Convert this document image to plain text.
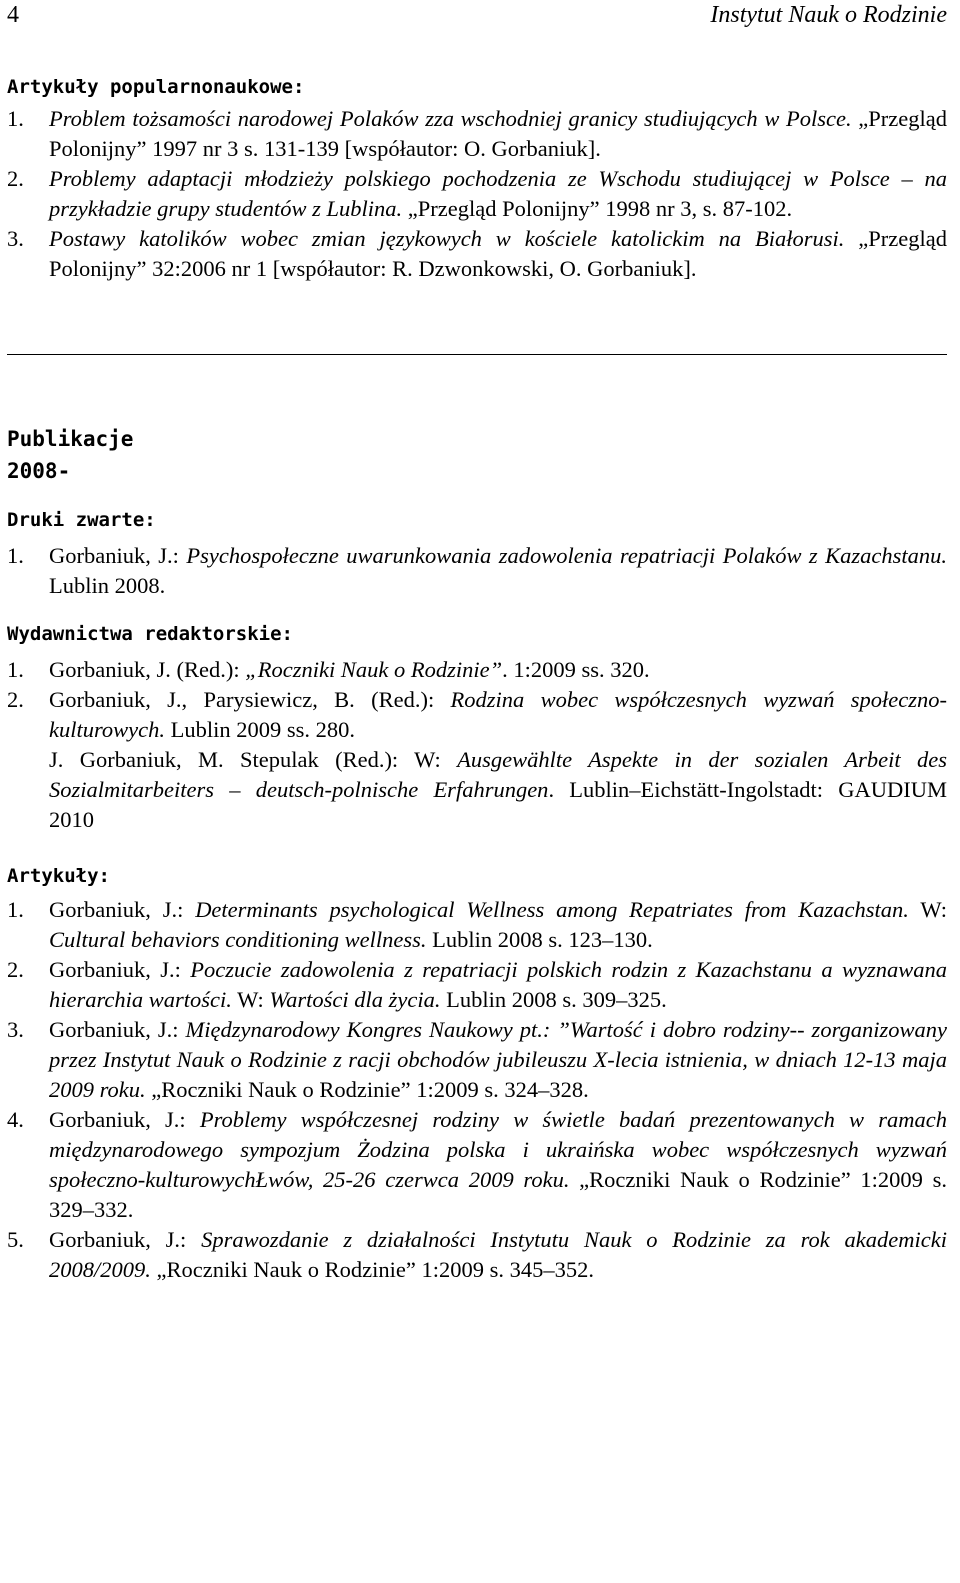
4	Instytut Nauk o Rodzinie
Artykuły popularnonaukowe:
1. Problem tożsamości narodowej Polaków zza wschodniej granicy studiujących w Polsce. „Przegląd Polonijny” 1997 nr 3 s. 131-139 [współautor: O. Gorbaniuk].
2. Problemy adaptacji młodzieży polskiego pochodzenia ze Wschodu studiującej w Polsce – na przykładzie grupy studentów z Lublina. „Przegląd Polonijny” 1998 nr 3, s. 87-102.
3. Postawy katolików wobec zmian językowych w kościele katolickim na Białorusi. „Przegląd Polonijny” 32:2006 nr 1 [współautor: R. Dzwonkowski, O. Gorbaniuk].
Publikacje
2008-
Druki zwarte:
1. Gorbaniuk, J.: Psychospołeczne uwarunkowania zadowolenia repatriacji Polaków z Kazachstanu. Lublin 2008.
Wydawnictwa redaktorskie:
1. Gorbaniuk, J. (Red.): „Roczniki Nauk o Rodzinie”. 1:2009 ss. 320.
2. Gorbaniuk, J., Parysiewicz, B. (Red.): Rodzina wobec współczesnych wyzwań społeczno-kulturowych. Lublin 2009 ss. 280.
J. Gorbaniuk, M. Stepulak (Red.): W: Ausgewählte Aspekte in der sozialen Arbeit des Sozialmitarbeiters – deutsch-polnische Erfahrungen. Lublin–Eichstätt-Ingolstadt: GAUDIUM 2010
Artykuły:
1. Gorbaniuk, J.: Determinants psychological Wellness among Repatriates from Kazachstan. W: Cultural behaviors conditioning wellness. Lublin 2008 s. 123–130.
2. Gorbaniuk, J.: Poczucie zadowolenia z repatriacji polskich rodzin z Kazachstanu a wyznawana hierarchia wartości. W: Wartości dla życia. Lublin 2008 s. 309–325.
3. Gorbaniuk, J.: Międzynarodowy Kongres Naukowy pt.: ”Wartość i dobro rodziny-- zorganizowany przez Instytut Nauk o Rodzinie z racji obchodów jubileuszu X-lecia istnienia, w dniach 12-13 maja 2009 roku. „Roczniki Nauk o Rodzinie” 1:2009 s. 324–328.
4. Gorbaniuk, J.: Problemy współczesnej rodziny w świetle badań prezentowanych w ramach międzynarodowego sympozjum Żodzina polska i ukraińska wobec współczesnych wyzwań społeczno-kulturowychŁwów, 25-26 czerwca 2009 roku. „Roczniki Nauk o Rodzinie” 1:2009 s. 329–332.
5. Gorbaniuk, J.: Sprawozdanie z działalności Instytutu Nauk o Rodzinie za rok akademicki 2008/2009. „Roczniki Nauk o Rodzinie” 1:2009 s. 345–352.
